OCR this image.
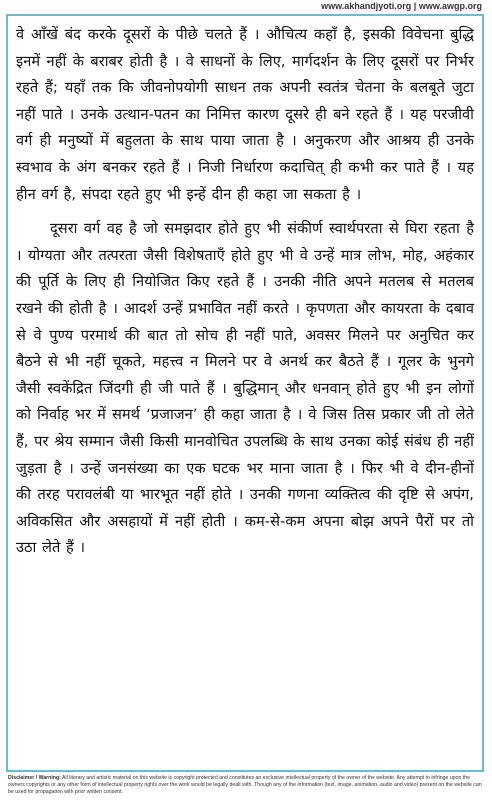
www.akhandjyoti.org | www.awgp.org

वे आँखें बंद करके दूसरों के पीछे चलते हैं । औचित्य कहाँ है, इसकी विवेचना बुद्धि इनमें नहीं के बराबर होती है । वे साधनों के लिए, मार्गदर्शन के लिए दूसरों पर निर्भर रहते हैं; यहाँ तक कि जीवनोपयोगी साधन तक अपनी स्वतंत्र चेतना के बलबूते जुटा नहीं पाते । उनके उत्थान-पतन का निमित्त कारण दूसरे ही बने रहते हैं । यह परजीवी वर्ग ही मनुष्यों में बहुलता के साथ पाया जाता है । अनुकरण और आश्रय ही उनके स्वभाव के अंग बनकर रहते हैं । निजी निर्धारण कदाचित् ही कभी कर पाते हैं । यह हीन वर्ग है, संपदा रहते हुए भी इन्हें दीन ही कहा जा सकता है ।

दूसरा वर्ग वह है जो समझदार होते हुए भी संकीर्ण स्वार्थपरता से घिरा रहता है । योग्यता और तत्परता जैसी विशेषताएँ होते हुए भी वे उन्हें मात्र लोभ, मोह, अहंकार की पूर्ति के लिए ही नियोजित किए रहते हैं । उनकी नीति अपने मतलब से मतलब रखने की होती है । आदर्श उन्हें प्रभावित नहीं करते । कृपणता और कायरता के दबाव से वे पुण्य परमार्थ की बात तो सोच ही नहीं पाते, अवसर मिलने पर अनुचित कर बैठने से भी नहीं चूकते, महत्त्व न मिलने पर वे अनर्थ कर बैठते हैं । गूलर के भुनगे जैसी स्वकेंद्रित जिंदगी ही जी पाते हैं । बुद्धिमान् और धनवान् होते हुए भी इन लोगों को निर्वाह भर में समर्थ ‘प्रजाजन’ ही कहा जाता है । वे जिस तिस प्रकार जी तो लेते हैं, पर श्रेय सम्मान जैसी किसी मानवोचित उपलब्धि के साथ उनका कोई संबंध ही नहीं जुड़ता है । उन्हें जनसंख्या का एक घटक भर माना जाता है । फिर भी वे दीन-हीनों की तरह परावलंबी या भारभूत नहीं होते । उनकी गणना व्यक्तित्व की दृष्टि से अपंग, अविकसित और असहायों में नहीं होती । कम-से-कम अपना बोझ अपने पैरों पर तो उठा लेते हैं ।

Disclaimer / Warning: All literary and artistic material on this website is copyright protected and constitutes an exclusive intellectual property of the owner of the website. Any attempt to infringe upon the owners copyrights or any other form of intellectual property rights over the work would be legally dealt with. Though any of the information (text, image, animation, audio and video) present on the website can be used for propagation with prior written consent.
